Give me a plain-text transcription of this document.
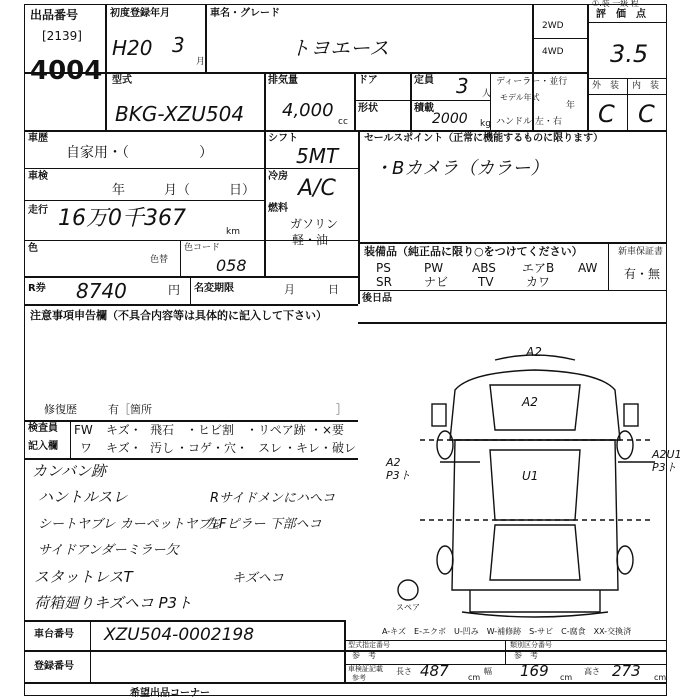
出品番号
[2139]
4004
初度登録年月
H20 3
月
車名・グレード
トヨエース
2WD
4WD
①.装 一級 程
評　価　点
3.5
外　装 内　装
C C
型式
BKG-XZU504
排気量
4,000
cc
ドア	定員 3 人
形状	積載
2000 kg
ディーラー・並行
モデル年式
年
ハンドル 左・右
車歴
自家用・（　　　　　）
シフト
5MT
セールスポイント（正常に機能するものに限ります）
・Bカメラ（カラー）
車検
年　　　月（　　　日）
冷房 A/C
走行 16万0千367
km
燃料
ガソリン
軽・油
色
色替
色コード
058
装備品（純正品に限り○をつけてください）
PS	PW ABS エアB AW
SR	ナビ TV	カワ
新車保証書
有・無
後日品
R券 8740	円 名変期限	月　　　日
注意事項申告欄（不具合内容等は具体的に記入して下さい）
修復歴	有［箇所	］
検査員
記入欄
FW キズ・ 飛石 ・ヒビ割 ・リペア跡 ・×要
ワ キズ・ 汚し ・コゲ・穴・ スレ ・キレ・ 破レ
カンバン跡
ハントルスレ	Rサイドメンにハへコ
シートヤブレ カーペットヤブレ
左Fピラー 下部ヘコ
サイドアンダーミラー欠
スタットレスT	キズヘコ
荷箱廻りキズヘコ P3ト
A2
A2
U1
A2
P3ト
A2U1
P3ト
スペア
A-キズ　E-エクボ　U-凹み　W-補修跡　S-サビ　C-腐食　XX-交換済
車台番号 XZU504-0002198
登録番号
型式指定番号
参　考
類別区分番号
参　考
車検証記載
参考
長さ 487 cm
幅 169 cm
高さ 273 cm
希望出品コーナー
